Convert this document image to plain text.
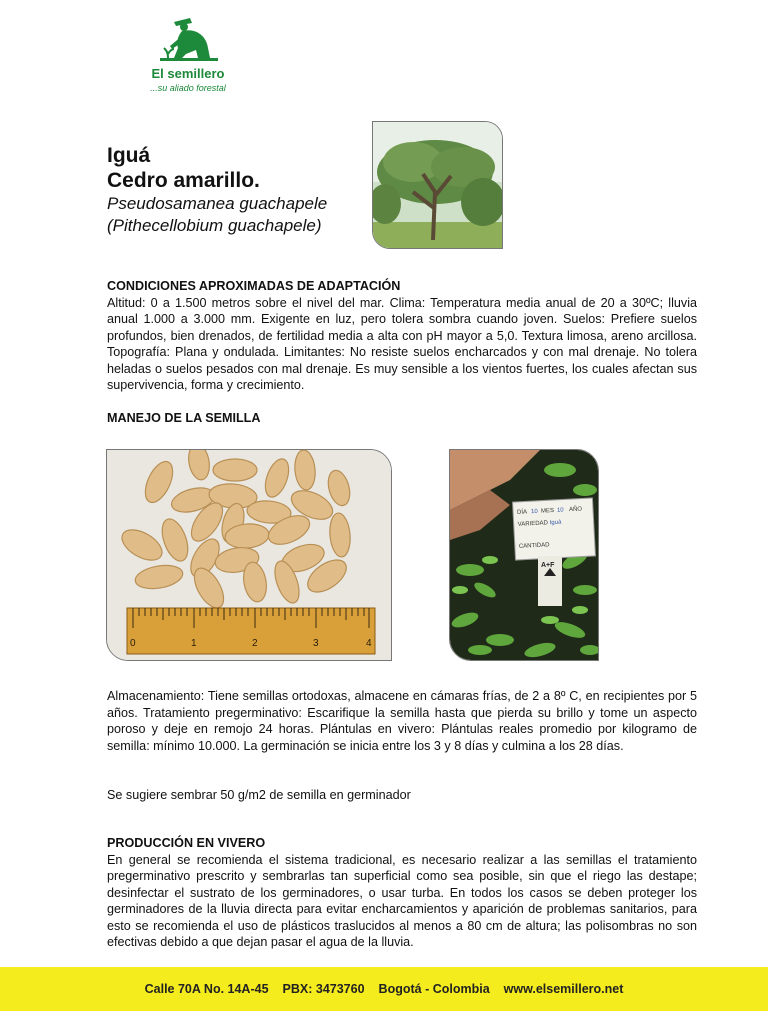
El semillero
...su aliado forestal
Iguá
Cedro amarillo.
Pseudosamanea guachapele
(Pithecellobium guachapele)
CONDICIONES APROXIMADAS DE ADAPTACIÓN
Altitud: 0 a 1.500 metros sobre el nivel del mar. Clima: Temperatura media anual de 20 a 30ºC; lluvia anual 1.000 a 3.000 mm. Exigente en luz, pero tolera sombra cuando joven. Suelos: Prefiere suelos profundos, bien drenados, de fertilidad media a alta con pH mayor a 5,0. Textura limosa, areno arcillosa. Topografía: Plana y ondulada. Limitantes: No resiste suelos encharcados y con mal drenaje. No tolera heladas o suelos pesados con mal drenaje. Es muy sensible a los vientos fuertes, los cuales afectan sus supervivencia, forma y crecimiento.
MANEJO DE LA SEMILLA
0	1	2	3	4
DÍA 10 MES 10 AÑO
VARIEDAD Iguá
CANTIDAD
A+F
Almacenamiento: Tiene semillas ortodoxas, almacene en cámaras frías, de 2 a 8º C, en recipientes por 5 años. Tratamiento pregerminativo: Escarifique la semilla hasta que pierda su brillo y tome un aspecto poroso y deje en remojo 24 horas. Plántulas en vivero: Plántulas reales promedio por kilogramo de semilla: mínimo 10.000. La germinación se inicia entre los 3 y 8 días y culmina a los 28 días.
Se sugiere sembrar 50 g/m2 de semilla en germinador
PRODUCCIÓN EN VIVERO
En general se recomienda el sistema tradicional, es necesario realizar a las semillas el tratamiento pregerminativo prescrito y sembrarlas tan superficial como sea posible, sin que el riego las destape; desinfectar el sustrato de los germinadores, o usar turba. En todos los casos se deben proteger los germinadores de la lluvia directa para evitar encharcamientos y aparición de problemas sanitarios, para esto se recomienda el uso de plásticos traslucidos al menos a 80 cm de altura; las polisombras no son efectivas debido a que dejan pasar el agua de la lluvia.
Calle 70A No. 14A-45 PBX: 3473760 Bogotá - Colombia www.elsemillero.net
